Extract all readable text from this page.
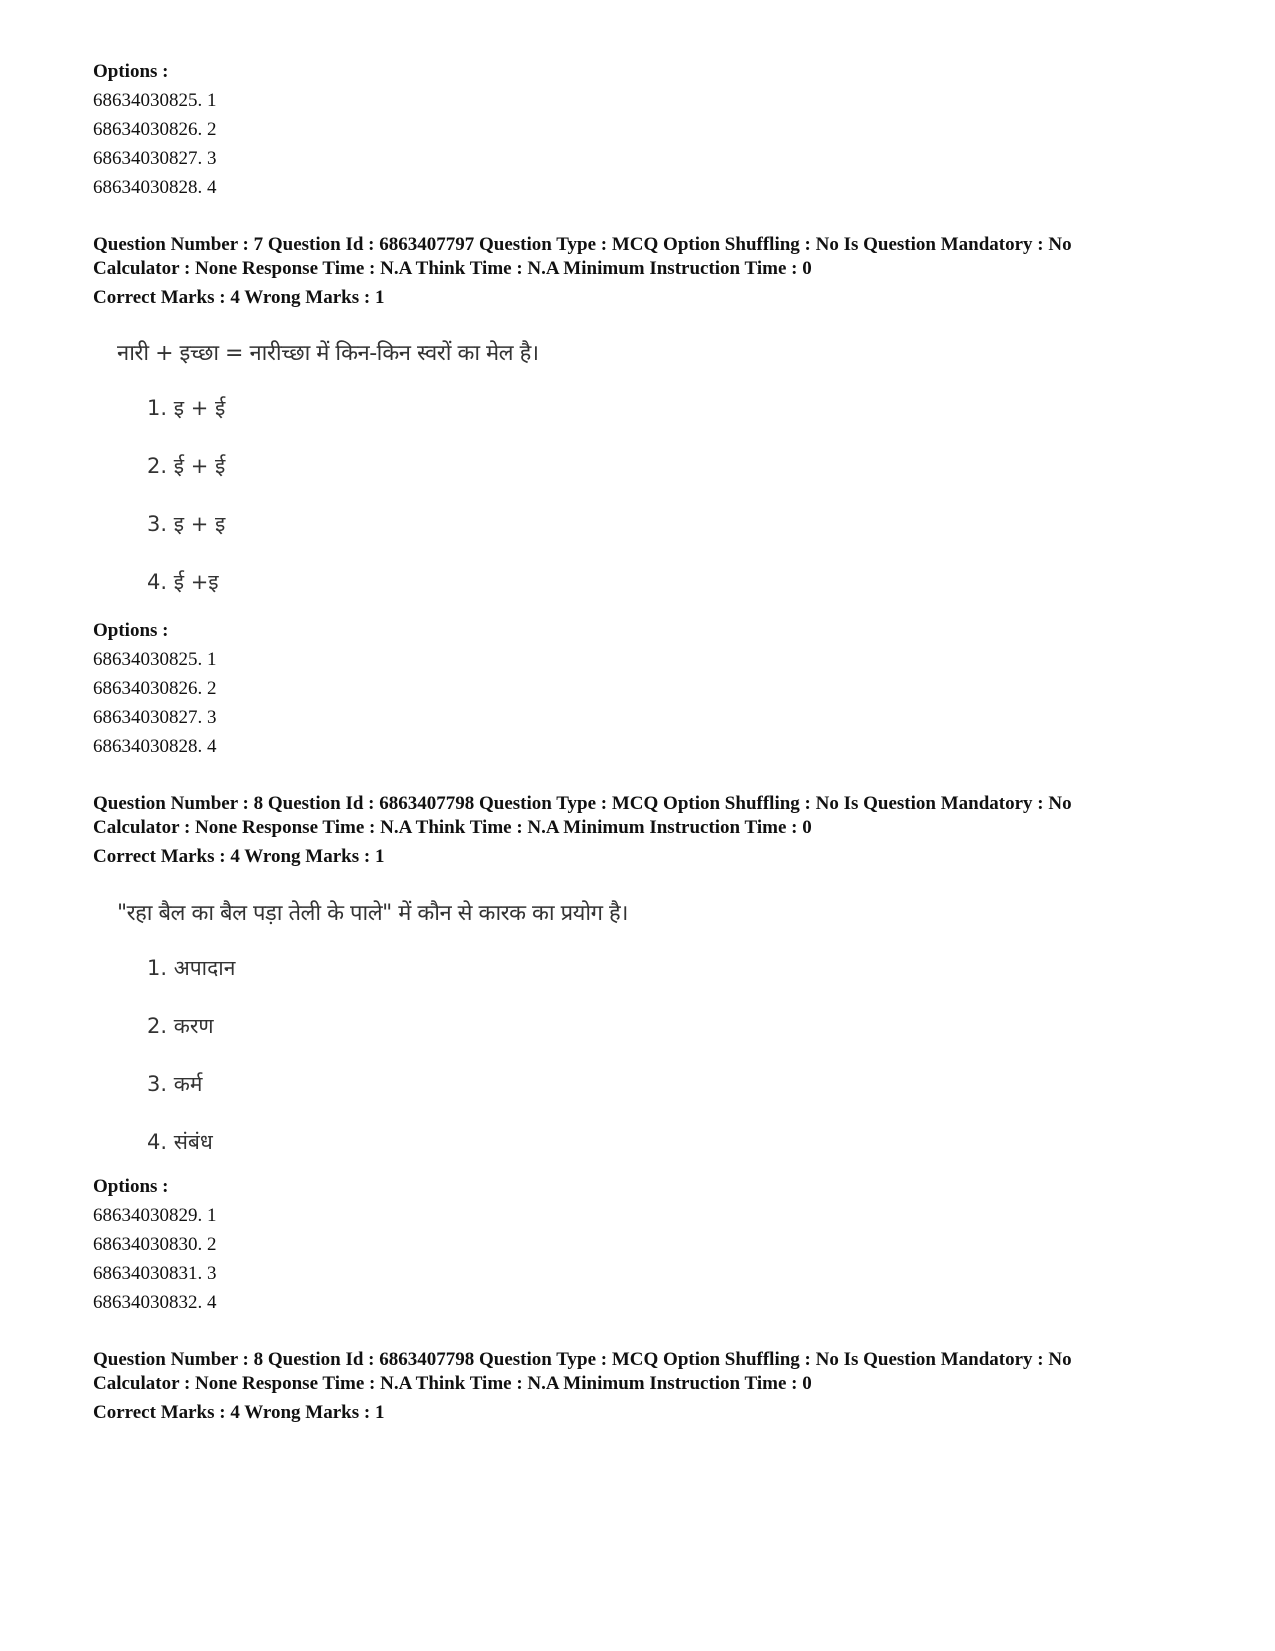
Options :
68634030825. 1
68634030826. 2
68634030827. 3
68634030828. 4
Question Number : 7 Question Id : 6863407797 Question Type : MCQ Option Shuffling : No Is Question Mandatory : No
Calculator : None Response Time : N.A Think Time : N.A Minimum Instruction Time : 0
Correct Marks : 4 Wrong Marks : 1
नारी + इच्छा = नारीच्छा में किन-किन स्वरों का मेल है।
1. इ + ई
2. ई + ई
3. इ + इ
4. ई +इ
Options :
68634030825. 1
68634030826. 2
68634030827. 3
68634030828. 4
Question Number : 8 Question Id : 6863407798 Question Type : MCQ Option Shuffling : No Is Question Mandatory : No
Calculator : None Response Time : N.A Think Time : N.A Minimum Instruction Time : 0
Correct Marks : 4 Wrong Marks : 1
"रहा बैल का बैल पड़ा तेली के पाले" में कौन से कारक का प्रयोग है।
1. अपादान
2. करण
3. कर्म
4. संबंध
Options :
68634030829. 1
68634030830. 2
68634030831. 3
68634030832. 4
Question Number : 8 Question Id : 6863407798 Question Type : MCQ Option Shuffling : No Is Question Mandatory : No
Calculator : None Response Time : N.A Think Time : N.A Minimum Instruction Time : 0
Correct Marks : 4 Wrong Marks : 1
